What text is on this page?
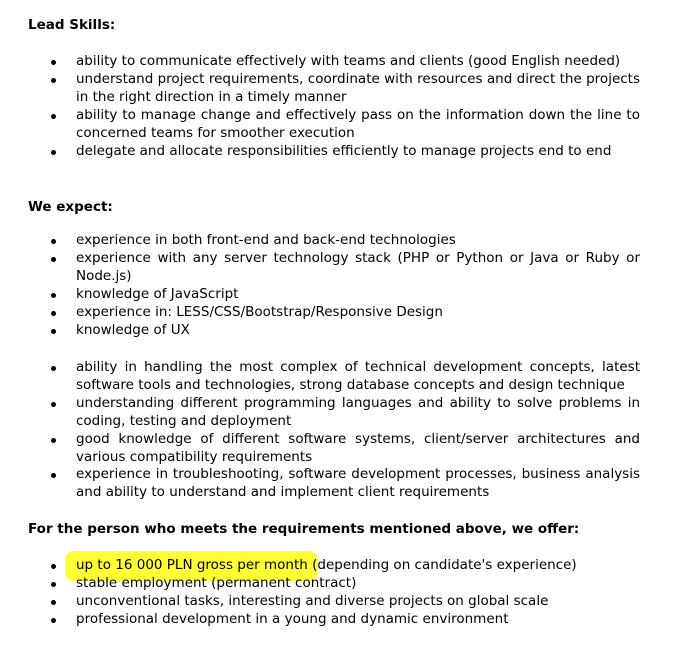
Lead Skills:

ability to communicate effectively with teams and clients (good English needed)
understand project requirements, coordinate with resources and direct the projects in the right direction in a timely manner
ability to manage change and effectively pass on the information down the line to concerned teams for smoother execution
delegate and allocate responsibilities efficiently to manage projects end to end

We expect:

experience in both front-end and back-end technologies
experience with any server technology stack (PHP or Python or Java or Ruby or Node.js)
knowledge of JavaScript
experience in: LESS/CSS/Bootstrap/Responsive Design
knowledge of UX
ability in handling the most complex of technical development concepts, latest software tools and technologies, strong database concepts and design technique
understanding different programming languages and ability to solve problems in coding, testing and deployment
good knowledge of different software systems, client/server architectures and various compatibility requirements
experience in troubleshooting, software development processes, business analysis and ability to understand and implement client requirements

For the person who meets the requirements mentioned above, we offer:

up to 16 000 PLN gross per month (depending on candidate's experience)
stable employment (permanent contract)
unconventional tasks, interesting and diverse projects on global scale
professional development in a young and dynamic environment
